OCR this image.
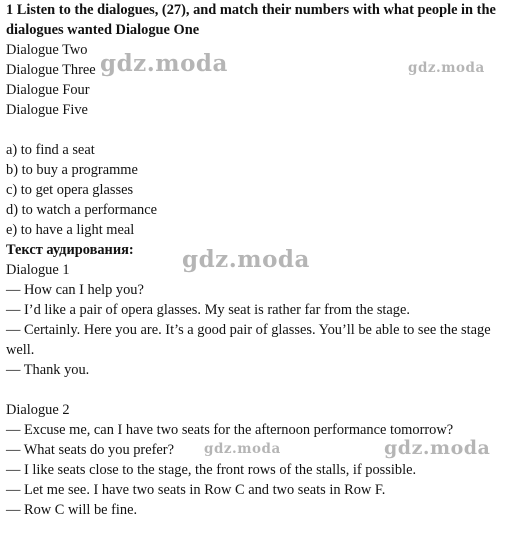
1 Listen to the dialogues, (27), and match their numbers with what people in the dialogues wanted Dialogue One
Dialogue Two
Dialogue Three
Dialogue Four
Dialogue Five
a) to find a seat
b) to buy a programme
c) to get opera glasses
d) to watch a performance
e) to have a light meal
Текст аудирования:
Dialogue 1
— How can I help you?
— I’d like a pair of opera glasses. My seat is rather far from the stage.
— Certainly. Here you are. It’s a good pair of glasses. You’ll be able to see the stage well.
— Thank you.
Dialogue 2
— Excuse me, can I have two seats for the afternoon performance tomorrow?
— What seats do you prefer?
— I like seats close to the stage, the front rows of the stalls, if possible.
— Let me see. I have two seats in Row C and two seats in Row F.
— Row C will be fine.
gdz.moda	gdz.moda
gdz.moda
gdz.moda	gdz.moda
